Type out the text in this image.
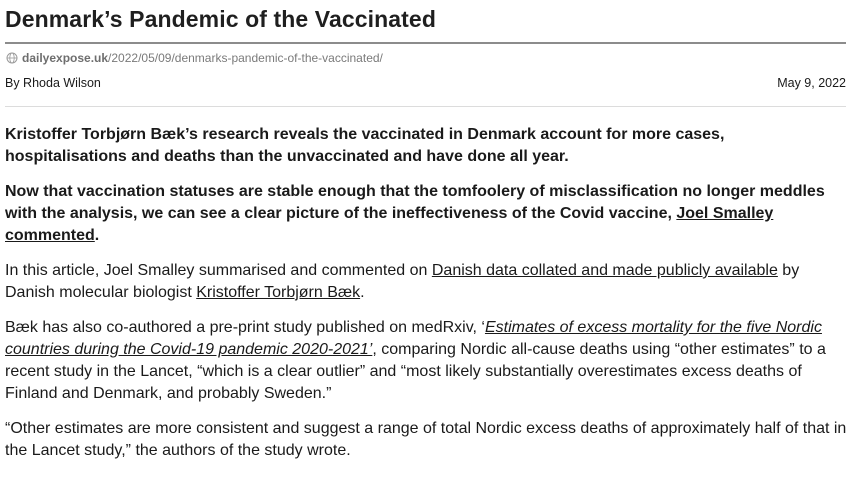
Denmark’s Pandemic of the Vaccinated
dailyexpose.uk/2022/05/09/denmarks-pandemic-of-the-vaccinated/
By Rhoda Wilson	May 9, 2022

Kristoffer Torbjørn Bæk’s research reveals the vaccinated in Denmark account for more cases, hospitalisations and deaths than the unvaccinated and have done all year.

Now that vaccination statuses are stable enough that the tomfoolery of misclassification no longer meddles with the analysis, we can see a clear picture of the ineffectiveness of the Covid vaccine, Joel Smalley commented.

In this article, Joel Smalley summarised and commented on Danish data collated and made publicly available by Danish molecular biologist Kristoffer Torbjørn Bæk.

Bæk has also co-authored a pre-print study published on medRxiv, ‘Estimates of excess mortality for the five Nordic countries during the Covid-19 pandemic 2020-2021’, comparing Nordic all-cause deaths using “other estimates” to a recent study in the Lancet, “which is a clear outlier” and “most likely substantially overestimates excess deaths of Finland and Denmark, and probably Sweden.”

“Other estimates are more consistent and suggest a range of total Nordic excess deaths of approximately half of that in the Lancet study,” the authors of the study wrote.
